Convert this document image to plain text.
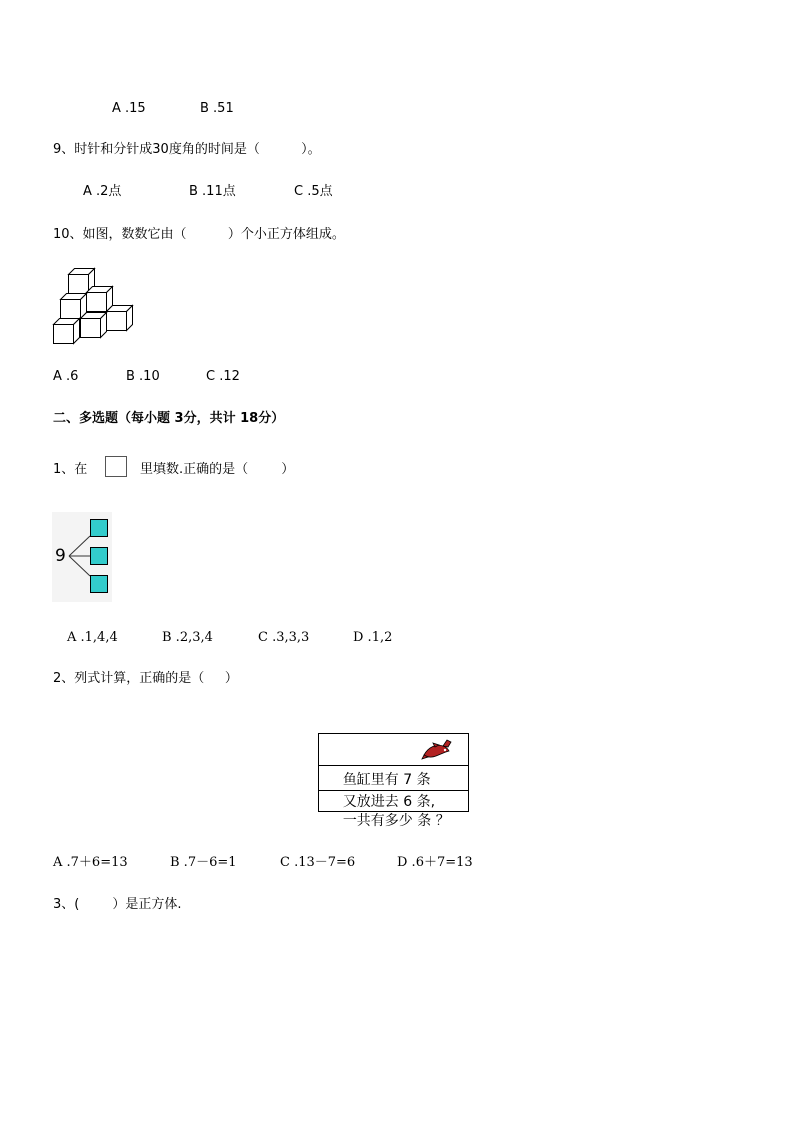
A .15	B .51
9、时针和分针成30度角的时间是（          ）。
A .2点	B .11点	C .5点
10、如图，数数它由（          ）个小正方体组成。
A .6	B .10	C .12
二、多选题（每小题 3分，共计 18分）
1、在	里填数.正确的是（        ）
9
A .1,4,4	B .2,3,4	C .3,3,3	D .1,2
2、列式计算，正确的是（     ）

鱼缸里有 7 条

又放进去 6 条,

一共有多少 条 ？

A .7＋6=13	B .7－6=1	C .13－7=6	D .6＋7=13
3、(        ）是正方体.
